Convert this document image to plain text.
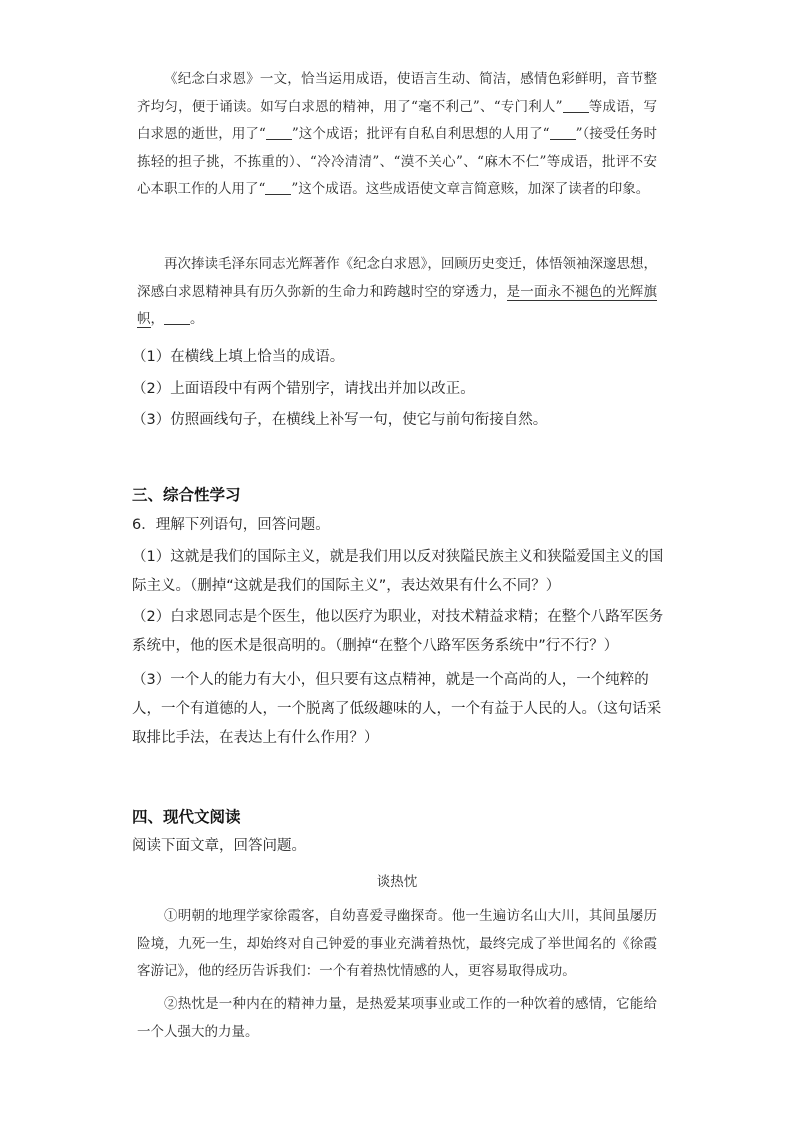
《纪念白求恩》一文，恰当运用成语，使语言生动、简洁，感情色彩鲜明，音节整齐均匀，便于诵读。如写白求恩的精神，用了“毫不利己”、“专门利人” 等成语，写白求恩的逝世，用了“ ”这个成语；批评有自私自利思想的人用了“ ”（接受任务时拣轻的担子挑，不拣重的）、“冷冷清清”、“漠不关心”、“麻木不仁”等成语，批评不安心本职工作的人用了“ ”这个成语。这些成语使文章言简意赅，加深了读者的印象。

再次捧读毛泽东同志光辉著作《纪念白求恩》，回顾历史变迁，体悟领袖深邃思想，深感白求恩精神具有历久弥新的生命力和跨越时空的穿透力，是一面永不褪色的光辉旗帜， 。

（1）在横线上填上恰当的成语。

（2）上面语段中有两个错别字，请找出并加以改正。

（3）仿照画线句子，在横线上补写一句，使它与前句衔接自然。

三、综合性学习

6．理解下列语句，回答问题。

（1）这就是我们的国际主义，就是我们用以反对狭隘民族主义和狭隘爱国主义的国际主义。（删掉“这就是我们的国际主义”，表达效果有什么不同？）

（2）白求恩同志是个医生，他以医疗为职业，对技术精益求精；在整个八路军医务系统中，他的医术是很高明的。（删掉“在整个八路军医务系统中”行不行？）

（3）一个人的能力有大小，但只要有这点精神，就是一个高尚的人，一个纯粹的人，一个有道德的人，一个脱离了低级趣味的人，一个有益于人民的人。（这句话采取排比手法，在表达上有什么作用？）

四、现代文阅读

阅读下面文章，回答问题。

谈热忱

①明朝的地理学家徐霞客，自幼喜爱寻幽探奇。他一生遍访名山大川，其间虽屡历险境，九死一生，却始终对自己钟爱的事业充满着热忱，最终完成了举世闻名的《徐霞客游记》，他的经历告诉我们：一个有着热忱情感的人，更容易取得成功。

②热忱是一种内在的精神力量，是热爱某项事业或工作的一种饮着的感情，它能给一个人强大的力量。
